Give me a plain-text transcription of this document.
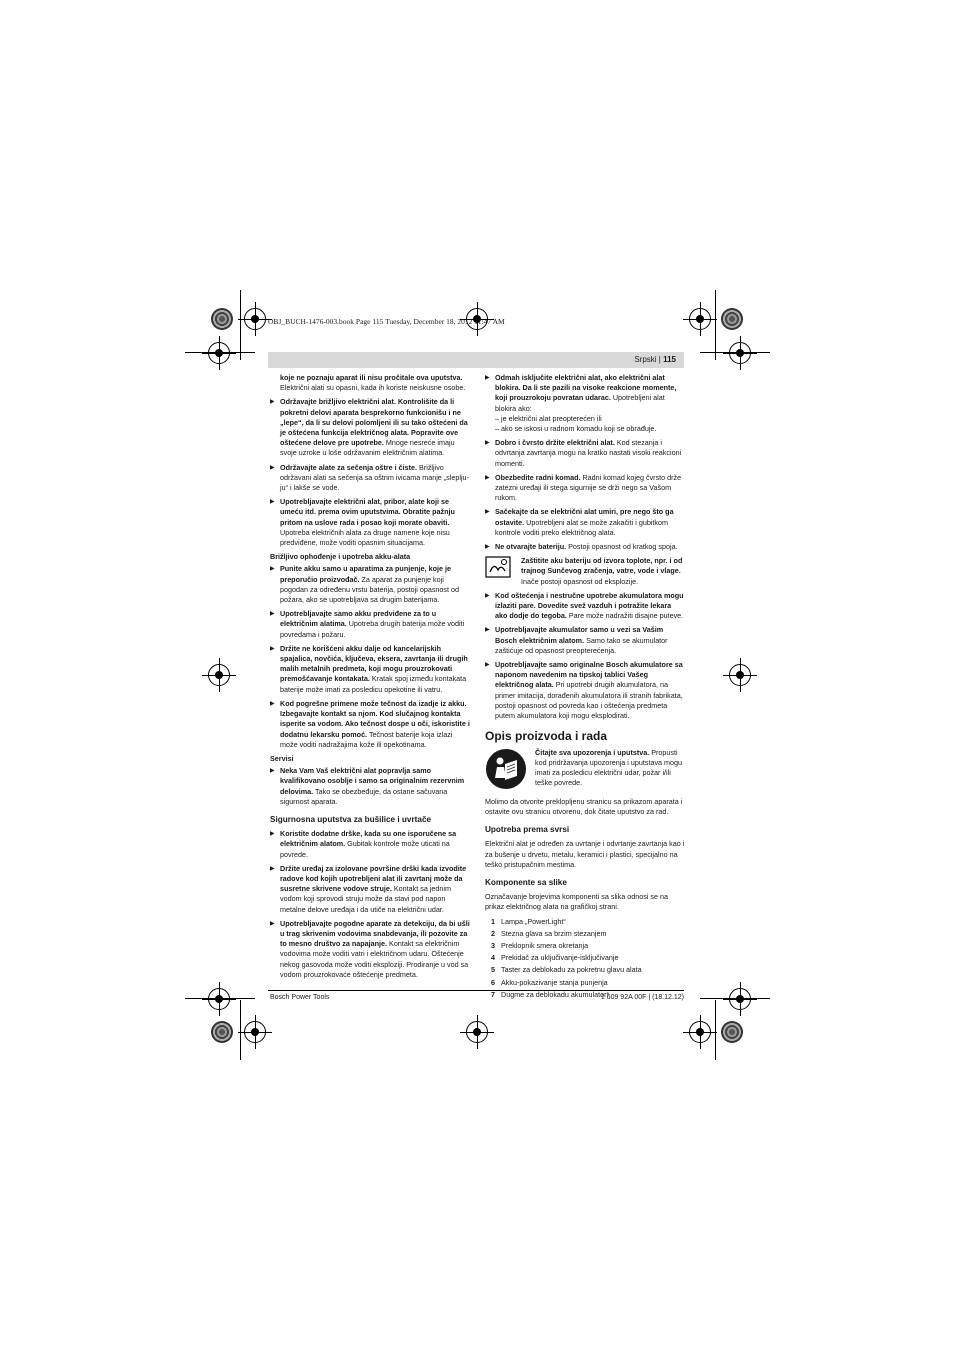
OBJ_BUCH-1476-003.book Page 115 Tuesday, December 18, 2012 11:47 AM
Srpski | 115
koje ne poznaju aparat ili nisu pročitale ova uputstva.
Električni alati su opasni, kada ih koriste neiskusne osobe.
▶ Održavajte brižljivo električni alat. Kontrolišite da li pokretni delovi aparata besprekorno funkcionišu i ne „lepe“, da li su delovi polomljeni ili su tako oštećeni da je oštećena funkcija električnog alata. Popravite ove oštećene delove pre upotrebe. Mnoge nesreće imaju svoje uzroke u loše održavanim električnim alatima.
▶ Održavajte alate za sečenja oštre i čiste. Brižljivo održavani alati sa sečenja sa oštrim ivicama manje „slepljuju“ i lakše se vode.
▶ Upotrebljavajte električni alat, pribor, alate koji se umeću itd. prema ovim uputstvima. Obratite pažnju pritom na uslove rada i posao koji morate obaviti. Upotreba električnih alata za druge namene koje nisu predviđene, može voditi opasnim situacijama.
Brižljivo ophođenje i upotreba akku-alata
▶ Punite akku samo u aparatima za punjenje, koje je preporučio proizvođač. Za aparat za punjenje koji pogodan za određenu vrstu baterija, postoji opasnost od požara, ako se upotrebljava sa drugim baterijama.
▶ Upotrebljavajte samo akku predviđene za to u električnim alatima. Upotreba drugih baterija može voditi povredama i požaru.
▶ Držite ne korišćeni akku dalje od kancelarijskih spajalica, novčića, ključeva, eksera, zavrtanja ili drugih malih metalnih predmeta, koji mogu prouzrokovati premošćavanje kontakata. Kratak spoj između kontakata baterije može imati za posledicu opekotine ili vatru.
▶ Kod pogrešne primene može tečnost da izadje iz akku. Izbegavajte kontakt sa njom. Kod slučajnog kontakta isperite sa vodom. Ako tečnost dospe u oči, iskoristite i dodatnu lekarsku pomoć. Tečnost baterije koja izlazi može voditi nadražajima kože ili opekotinama.
Servisi
▶ Neka Vam Vaš električni alat popravlja samo kvalifikovano osoblje i samo sa originalnim rezervnim delovima. Tako se obezbeđuje, da ostane sačuvana sigurnost aparata.
Sigurnosna uputstva za bušilice i uvrtače
▶ Koristite dodatne drške, kada su one isporučene sa električnim alatom. Gubitak kontrole može uticati na povrede.
▶ Držite uređaj za izolovane površine drški kada izvodite radove kod kojih upotrebljeni alat ili zavrtanj može da susretne skrivene vodove struje. Kontakt sa jednim vodom koji sprovodi struju može da stavi pod napon metalne delove uređaja i da utiče na električni udar.
▶ Upotrebljavajte pogodne aparate za detekciju, da bi ušli u trag skrivenim vodovima snabdevanja, ili pozovite za to mesno društvo za napajanje. Kontakt sa električnim vodovima može voditi vatri i električnom udaru. Oštećenje nekog gasovoda može voditi eksploziji. Prodiranje u vod sa vodom prouzrokovaće oštećenje predmeta.
▶ Odmah isključite električni alat, ako električni alat blokira. Da li ste pazili na visoke reakcione momente, koji prouzrokoju povratan udarac. Upotrebljeni alat blokira ako:
– je električni alat preopterećen ili
– ako se iskosi u radnom komadu koji se obrađuje.
▶ Dobro i čvrsto držite električni alat. Kod stezanja i odvrtanja zavrtanja mogu na kratko nastati visoki reakcioni momenti.
▶ Obezbedite radni komad. Radni komad kojeg čvrsto drže zatezni uređaji ili stega sigurnije se drži nego sa Vašom rukom.
▶ Sačekajte da se električni alat umiri, pre nego što ga ostavite. Upotrebljeni alat se može zakačiti i gubitkom kontrole voditi preko električnog alata.
▶ Ne otvarajte bateriju. Postoji opasnost od kratkog spoja.
Zaštitite aku bateriju od izvora toplote, npr. i od trajnog Sunčevog zračenja, vatre, vode i vlage. Inače postoji opasnost od eksplozije.
▶ Kod oštećenja i nestručne upotrebe akumulatora mogu izlaziti pare. Dovedite svež vazduh i potražite lekara ako dodje do tegoba. Pare može nadražiti disajne puteve.
▶ Upotrebljavajte akumulator samo u vezi sa Vašim Bosch električnim alatom. Samo tako se akumulator zaštićuje od opasnost preopterećenja.
▶ Upotrebljavajte samo originalne Bosch akumulatore sa naponom navedenim na tipskoj tablici Vašeg električnog alata. Pri upotrebi drugih akumulatora, na primer imitacija, dorađenih akumulatora ili stranih fabrikata, postoji opasnost od povreda kao i oštećenja predmeta putem akumulatora koji mogu eksplodirati.
Opis proizvoda i rada
Čitajte sva upozorenja i uputstva. Propusti kod pridržavanja upozorenja i uputstava mogu imati za posledicu električni udar, požar i/ili teške povrede.

Molimo da otvorite preklopljenu stranicu sa prikazom aparata i ostavite ovu stranicu otvorenu, dok čitate uputstvo za rad.

Upotreba prema svrsi

Električni alat je određen za uvrtanje i odvrtanje zavrtanja kao i za bušenje u drvetu, metalu, keramici i plastici, specijalno na teško pristupačnim mestima.

Komponente sa slike

Označavanje brojevima komponenti sa slika odnosi se na prikaz električnog alata na grafičkoj strani.

1 Lampa „PowerLight“
2 Stezna glava sa brzim stezanjem
3 Preklopnik smera okretanja
4 Prekidač za uključivanje-isključivanje
5 Taster za deblokadu za pokretnu glavu alata
6 Akku-pokazivanje stanja punjenja
7 Dugme za deblokadu akumulator*
Bosch Power Tools	1 609 92A 00F | (18.12.12)
